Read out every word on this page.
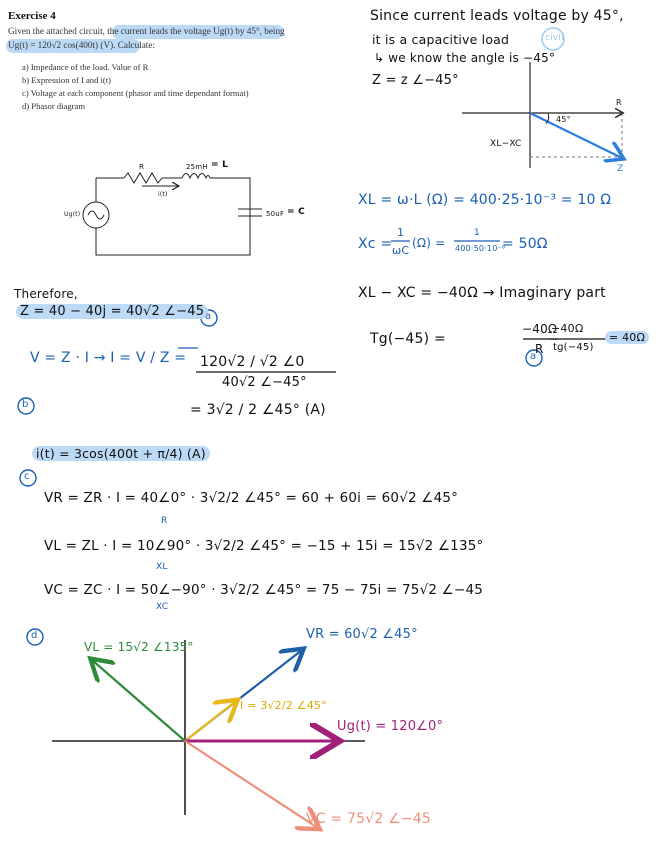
Exercise 4
Given the attached circuit, the current leads the voltage Ug(t) by 45°, being
Ug(t) = 120√2 cos(400t) (V). Calculate:
a) Impedance of the load. Value of R
b) Expression of I and i(t)
c) Voltage at each component (phasor and time dependant format)
d) Phasor diagram
R	25mH = L
i(t)
Ug(t)	50uF = C
Since current leads voltage by 45°,
it is a capacitive load	civil
↳ we know the angle is −45°
Z = z ∠−45°
45°
R
XL−XC
Z
XL = ω·L (Ω) = 400·25·10⁻³ = 10 Ω
Xc =
1
ωC
(Ω) =
1
400·50·10⁻⁶
= 50Ω
XL − XC = −40Ω → Imaginary part
Tg(−45) =
−40Ω
R
−40Ω
tg(−45)
= 40Ω
a
Therefore,
Z = 40 − 40j = 40√2 ∠−45 a
V = Z · I → I = V / Z = 120√2 / √2 ∠0
40√2 ∠−45°
b	= 3√2 / 2 ∠45° (A)
i(t) = 3cos(400t + π/4) (A)
c
VR = ZR · I = 40∠0° · 3√2/2 ∠45° = 60 + 60i = 60√2 ∠45°
R
VL = ZL · I = 10∠90° · 3√2/2 ∠45° = −15 + 15i = 15√2 ∠135°
XL
VC = ZC · I = 50∠−90° · 3√2/2 ∠45° = 75 − 75i = 75√2 ∠−45
XC
d
VL = 15√2 ∠135°
VR = 60√2 ∠45°
I = 3√2/2 ∠45°
Ug(t) = 120∠0°
VC = 75√2 ∠−45
